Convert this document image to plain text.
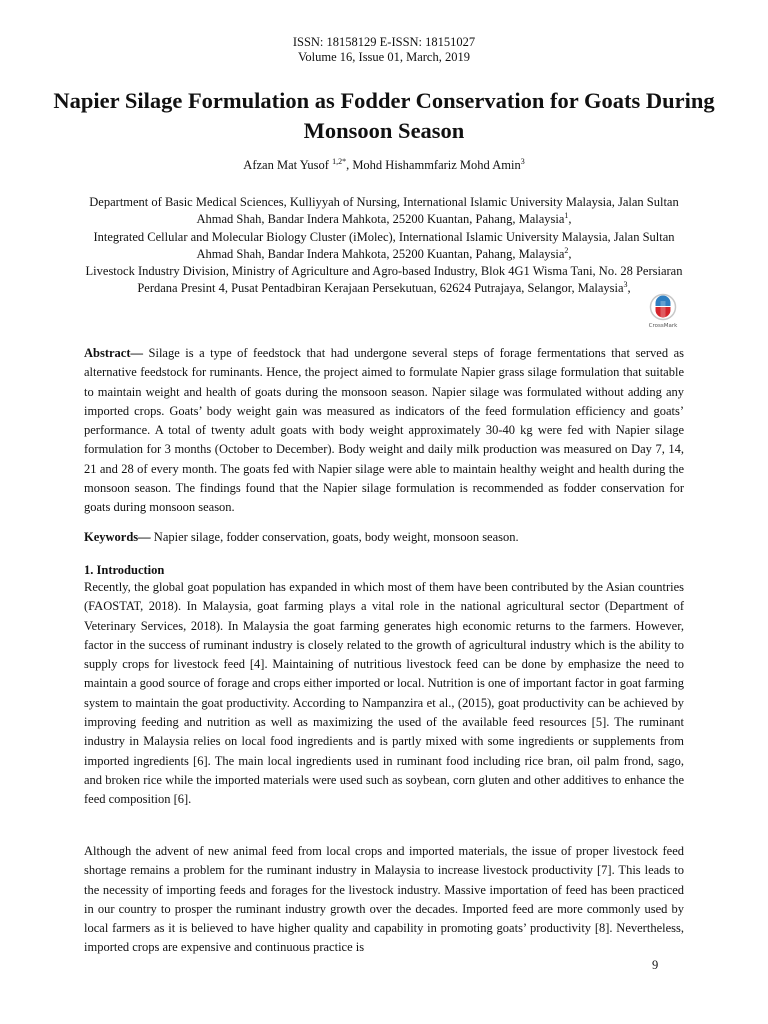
ISSN: 18158129 E-ISSN: 18151027
Volume 16, Issue 01, March, 2019
Napier Silage Formulation as Fodder Conservation for Goats During Monsoon Season
Afzan Mat Yusof $^{1,2*}$, Mohd Hishammfariz Mohd Amin$^3$
Department of Basic Medical Sciences, Kulliyyah of Nursing, International Islamic University Malaysia, Jalan Sultan Ahmad Shah, Bandar Indera Mahkota, 25200 Kuantan, Pahang, Malaysia$^1$,
Integrated Cellular and Molecular Biology Cluster (iMolec), International Islamic University Malaysia, Jalan Sultan Ahmad Shah, Bandar Indera Mahkota, 25200 Kuantan, Pahang, Malaysia$^2$,
Livestock Industry Division, Ministry of Agriculture and Agro-based Industry, Blok 4G1 Wisma Tani, No. 28 Persiaran Perdana Presint 4, Pusat Pentadbiran Kerajaan Persekutuan, 62624 Putrajaya, Selangor, Malaysia$^3$,
CrossMark

Abstract— Silage is a type of feedstock that had undergone several steps of forage fermentations that served as alternative feedstock for ruminants. Hence, the project aimed to formulate Napier grass silage formulation that suitable to maintain weight and health of goats during the monsoon season. Napier silage was formulated without adding any imported crops. Goats’ body weight gain was measured as indicators of the feed formulation efficiency and goats’ performance. A total of twenty adult goats with body weight approximately 30-40 kg were fed with Napier silage formulation for 3 months (October to December). Body weight and daily milk production was measured on Day 7, 14, 21 and 28 of every month. The goats fed with Napier silage were able to maintain healthy weight and health during the monsoon season. The findings found that the Napier silage formulation is recommended as fodder conservation for goats during monsoon season.

Keywords— Napier silage, fodder conservation, goats, body weight, monsoon season.

1. Introduction

Recently, the global goat population has expanded in which most of them have been contributed by the Asian countries (FAOSTAT, 2018). In Malaysia, goat farming plays a vital role in the national agricultural sector (Department of Veterinary Services, 2018). In Malaysia the goat farming generates high economic returns to the farmers. However, factor in the success of ruminant industry is closely related to the growth of agricultural industry which is the ability to supply crops for livestock feed [4]. Maintaining of nutritious livestock feed can be done by emphasize the need to maintain a good source of forage and crops either imported or local. Nutrition is one of important factor in goat farming system to maintain the goat productivity. According to Nampanzira et al., (2015), goat productivity can be achieved by improving feeding and nutrition as well as maximizing the used of the available feed resources [5]. The ruminant industry in Malaysia relies on local food ingredients and is partly mixed with some ingredients or supplements from imported ingredients [6]. The main local ingredients used in ruminant food including rice bran, oil palm frond, sago, and broken rice while the imported materials were used such as soybean, corn gluten and other additives to enhance the feed composition [6].

Although the advent of new animal feed from local crops and imported materials, the issue of proper livestock feed shortage remains a problem for the ruminant industry in Malaysia to increase livestock productivity [7]. This leads to the necessity of importing feeds and forages for the livestock industry. Massive importation of feed has been practiced in our country to prosper the ruminant industry growth over the decades. Imported feed are more commonly used by local farmers as it is believed to have higher quality and capability in promoting goats’ productivity [8]. Nevertheless, imported crops are expensive and continuous practice is

9
